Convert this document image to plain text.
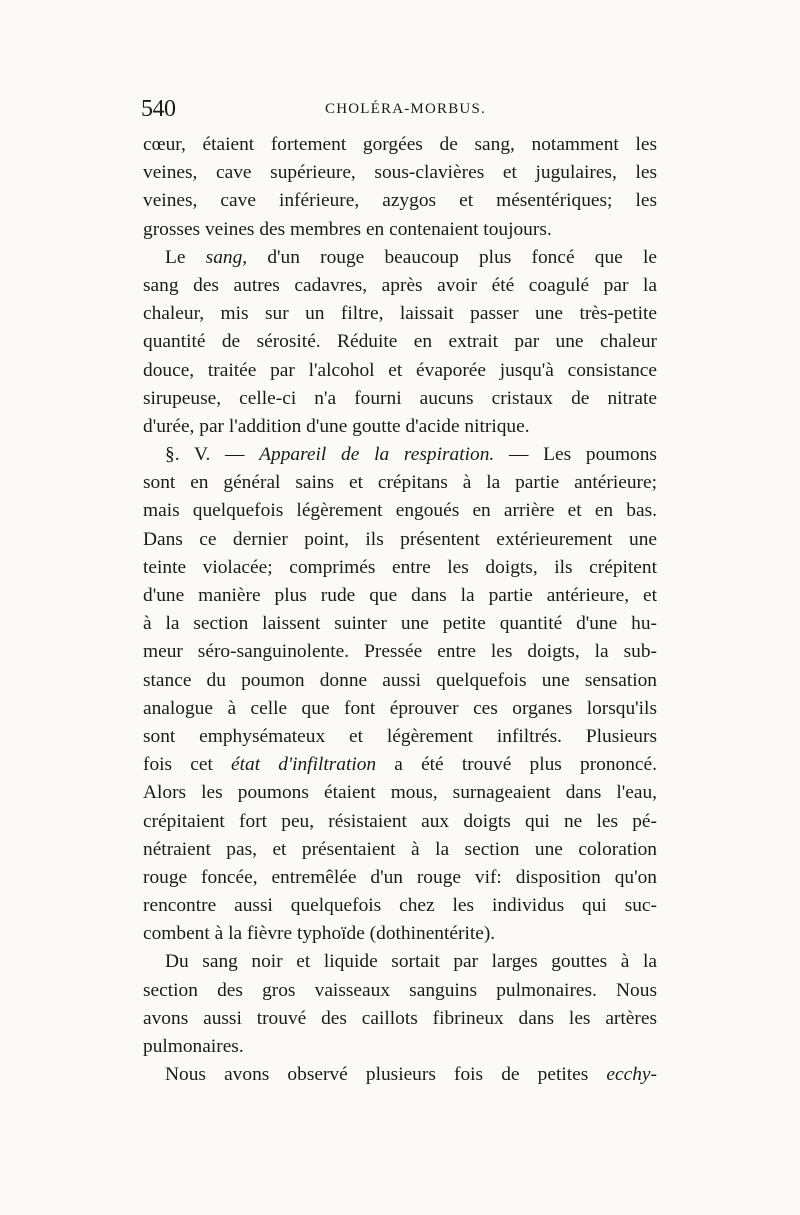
540	CHOLÉRA-MORBUS.
cœur, étaient fortement gorgées de sang, notamment les
veines, cave supérieure, sous-clavières et jugulaires, les
veines, cave inférieure, azygos et mésentériques; les
grosses veines des membres en contenaient toujours.
Le sang, d'un rouge beaucoup plus foncé que le
sang des autres cadavres, après avoir été coagulé par la
chaleur, mis sur un filtre, laissait passer une très-petite
quantité de sérosité. Réduite en extrait par une chaleur
douce, traitée par l'alcohol et évaporée jusqu'à consistance
sirupeuse, celle-ci n'a fourni aucuns cristaux de nitrate
d'urée, par l'addition d'une goutte d'acide nitrique.
§. V. — Appareil de la respiration. — Les poumons
sont en général sains et crépitans à la partie antérieure;
mais quelquefois légèrement engoués en arrière et en bas.
Dans ce dernier point, ils présentent extérieurement une
teinte violacée; comprimés entre les doigts, ils crépitent
d'une manière plus rude que dans la partie antérieure, et
à la section laissent suinter une petite quantité d'une hu-
meur séro-sanguinolente. Pressée entre les doigts, la sub-
stance du poumon donne aussi quelquefois une sensation
analogue à celle que font éprouver ces organes lorsqu'ils
sont emphysémateux et légèrement infiltrés. Plusieurs
fois cet état d'infiltration a été trouvé plus prononcé.
Alors les poumons étaient mous, surnageaient dans l'eau,
crépitaient fort peu, résistaient aux doigts qui ne les pé-
nétraient pas, et présentaient à la section une coloration
rouge foncée, entremêlée d'un rouge vif: disposition qu'on
rencontre aussi quelquefois chez les individus qui suc-
combent à la fièvre typhoïde (dothinentérite).
Du sang noir et liquide sortait par larges gouttes à la
section des gros vaisseaux sanguins pulmonaires. Nous
avons aussi trouvé des caillots fibrineux dans les artères
pulmonaires.
Nous avons observé plusieurs fois de petites ecchy-
